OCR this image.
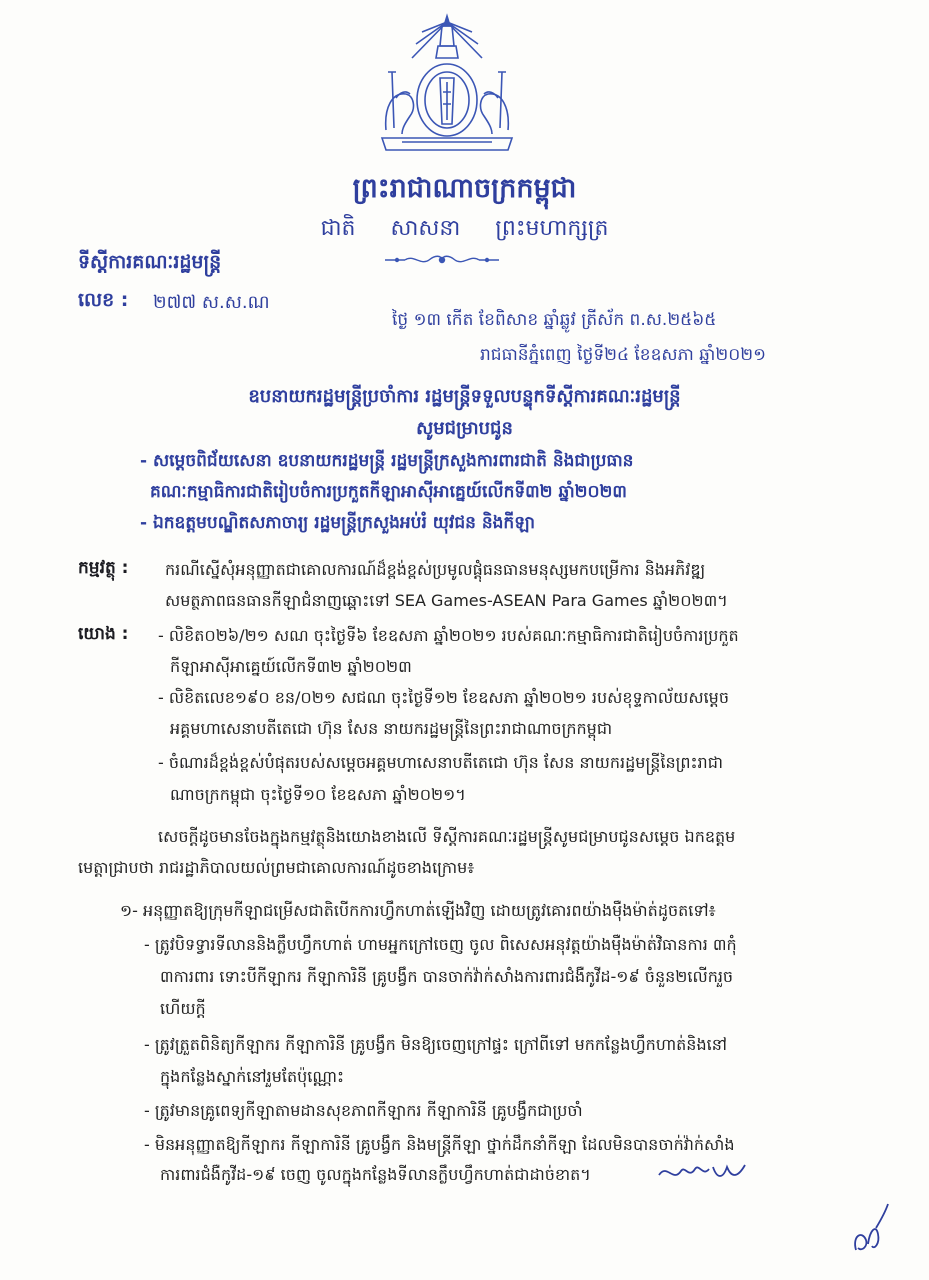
ព្រះរាជាណាចក្រកម្ពុជា
ជាតិ សាសនា ព្រះមហាក្សត្រ
ទីស្តីការគណៈរដ្ឋមន្ត្រី
លេខ : ២៧៧ ស.ស.ណ
ថ្ងៃ ១៣ កើត ខែពិសាខ ឆ្នាំឆ្លូវ ត្រីស័ក ព.ស.២៥៦៥
រាជធានីភ្នំពេញ ថ្ងៃទី២៤ ខែឧសភា ឆ្នាំ២០២១
ឧបនាយករដ្ឋមន្ត្រីប្រចាំការ រដ្ឋមន្ត្រីទទួលបន្ទុកទីស្តីការគណៈរដ្ឋមន្ត្រី
សូមជម្រាបជូន
- សម្តេចពិជ័យសេនា ឧបនាយករដ្ឋមន្ត្រី រដ្ឋមន្ត្រីក្រសួងការពារជាតិ និងជាប្រធាន
គណៈកម្មាធិការជាតិរៀបចំការប្រកួតកីឡាអាស៊ីអាគ្នេយ៍លើកទី៣២ ឆ្នាំ២០២៣
- ឯកឧត្តមបណ្ឌិតសភាចារ្យ រដ្ឋមន្ត្រីក្រសួងអប់រំ យុវជន និងកីឡា
កម្មវត្ថុ : ករណីស្នើសុំអនុញ្ញាតជាគោលការណ៍ដ៏ខ្ពង់ខ្ពស់ប្រមូលផ្តុំធនធានមនុស្សមកបម្រើការ និងអភិវឌ្ឍ
សមត្ថភាពធនធានកីឡាជំនាញឆ្ពោះទៅ SEA Games-ASEAN Para Games ឆ្នាំ២០២៣។
យោង : - លិខិត០២៦/២១ សណ ចុះថ្ងៃទី៦ ខែឧសភា ឆ្នាំ២០២១ របស់គណៈកម្មាធិការជាតិរៀបចំការប្រកួត
កីឡាអាស៊ីអាគ្នេយ៍លើកទី៣២ ឆ្នាំ២០២៣
- លិខិតលេខ១៩០ ខន/០២១ សជណ ចុះថ្ងៃទី១២ ខែឧសភា ឆ្នាំ២០២១ របស់ខុទ្ទកាល័យសម្តេច
អគ្គមហាសេនាបតីតេជោ ហ៊ុន សែន នាយករដ្ឋមន្ត្រីនៃព្រះរាជាណាចក្រកម្ពុជា
- ចំណារដ៏ខ្ពង់ខ្ពស់បំផុតរបស់សម្តេចអគ្គមហាសេនាបតីតេជោ ហ៊ុន សែន នាយករដ្ឋមន្ត្រីនៃព្រះរាជា
ណាចក្រកម្ពុជា ចុះថ្ងៃទី១០ ខែឧសភា ឆ្នាំ២០២១។
សេចក្តីដូចមានចែងក្នុងកម្មវត្ថុនិងយោងខាងលើ ទីស្តីការគណៈរដ្ឋមន្ត្រីសូមជម្រាបជូនសម្តេច ឯកឧត្តម
មេត្តាជ្រាបថា រាជរដ្ឋាភិបាលយល់ព្រមជាគោលការណ៍ដូចខាងក្រោម៖
១- អនុញ្ញាតឱ្យក្រុមកីឡាជម្រើសជាតិបើកការហ្វឹកហាត់ឡើងវិញ ដោយត្រូវគោរពយ៉ាងម៉ឺងម៉ាត់ដូចតទៅ៖
- ត្រូវបិទទ្វារទីលាននិងក្លឹបហ្វឹកហាត់ ហាមអ្នកក្រៅចេញ ចូល ពិសេសអនុវត្តយ៉ាងម៉ឺងម៉ាត់វិធានការ ៣កុំ
៣ការពារ ទោះបីកីឡាករ កីឡាការិនី គ្រូបង្វឹក បានចាក់វ៉ាក់សាំងការពារជំងឺកូវីដ-១៩ ចំនួន២លើករួច
ហើយក្តី
- ត្រូវត្រួតពិនិត្យកីឡាករ កីឡាការិនី គ្រូបង្វឹក មិនឱ្យចេញក្រៅផ្ទះ ក្រៅពីទៅ មកកន្លែងហ្វឹកហាត់និងនៅ
ក្នុងកន្លែងស្នាក់នៅរួមតែប៉ុណ្ណោះ
- ត្រូវមានគ្រូពេទ្យកីឡាតាមដានសុខភាពកីឡាករ កីឡាការិនី គ្រូបង្វឹកជាប្រចាំ
- មិនអនុញ្ញាតឱ្យកីឡាករ កីឡាការិនី គ្រូបង្វឹក និងមន្ត្រីកីឡា ថ្នាក់ដឹកនាំកីឡា ដែលមិនបានចាក់វ៉ាក់សាំង
ការពារជំងឺកូវីដ-១៩ ចេញ ចូលក្នុងកន្លែងទីលានក្លឹបហ្វឹកហាត់ជាដាច់ខាត។
